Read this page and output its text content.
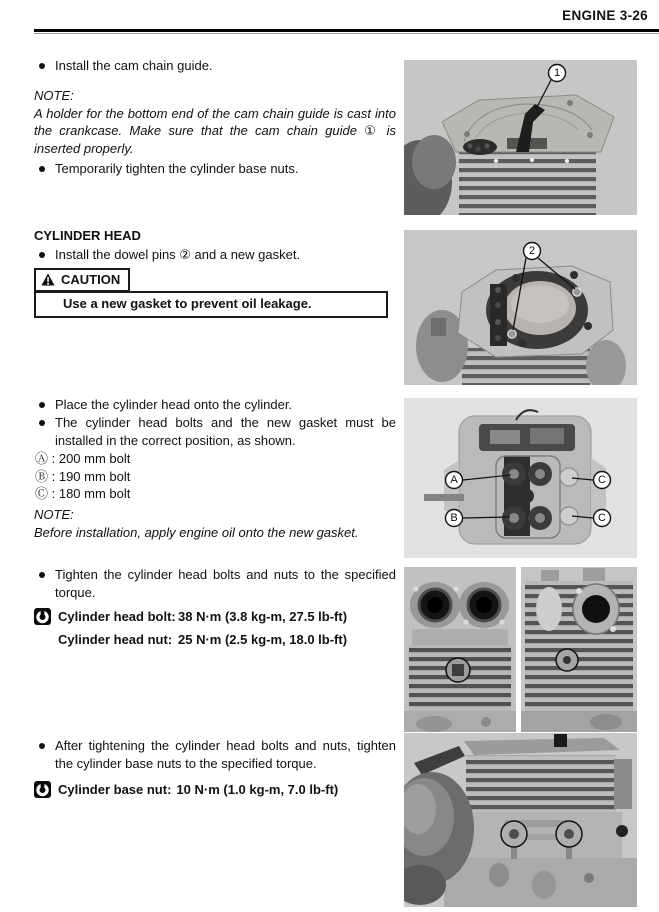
ENGINE 3-26
Install the cam chain guide.
NOTE:
A holder for the bottom end of the cam chain guide is cast into the crankcase. Make sure that the cam chain guide ① is inserted properly.
Temporarily tighten the cylinder base nuts.
CYLINDER HEAD
Install the dowel pins ② and a new gasket.
CAUTION
Use a new gasket to prevent oil leakage.
Place the cylinder head onto the cylinder.
The cylinder head bolts and the new gasket must be installed in the correct position, as shown.
Ⓐ : 200 mm bolt
Ⓑ : 190 mm bolt
Ⓒ : 180 mm bolt
NOTE:
Before installation, apply engine oil onto the new gasket.
Tighten the cylinder head bolts and nuts to the specified torque.
Cylinder head bolt: 38 N·m (3.8 kg-m, 27.5 lb-ft)
Cylinder head nut: 25 N·m (2.5 kg-m, 18.0 lb-ft)
After tightening the cylinder head bolts and nuts, tighten the cylinder base nuts to the specified torque.
Cylinder base nut: 10 N·m (1.0 kg-m, 7.0 lb-ft)
1
2
A
B
C
C
